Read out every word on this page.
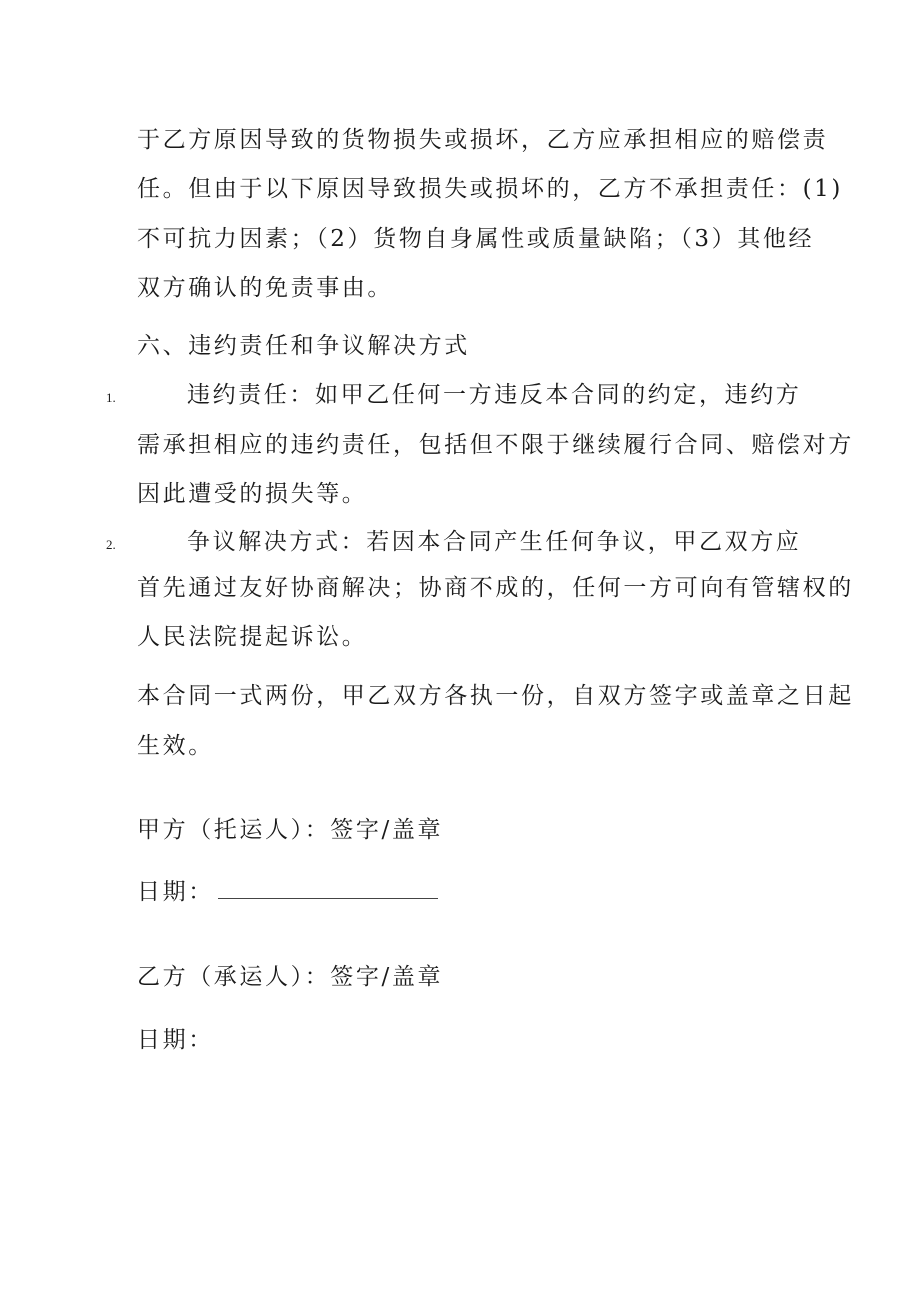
于乙方原因导致的货物损失或损坏，乙方应承担相应的赔偿责
任。但由于以下原因导致损失或损坏的，乙方不承担责任：(1)
不可抗力因素；（2）货物自身属性或质量缺陷；（3）其他经
双方确认的免责事由。
六、违约责任和争议解决方式
1.	违约责任：如甲乙任何一方违反本合同的约定，违约方
需承担相应的违约责任，包括但不限于继续履行合同、赔偿对方
因此遭受的损失等。
2.	争议解决方式：若因本合同产生任何争议，甲乙双方应
首先通过友好协商解决；协商不成的，任何一方可向有管辖权的
人民法院提起诉讼。
本合同一式两份，甲乙双方各执一份，自双方签字或盖章之日起
生效。
甲方（托运人）：签字/盖章
日期：
乙方（承运人）：签字/盖章
日期：
